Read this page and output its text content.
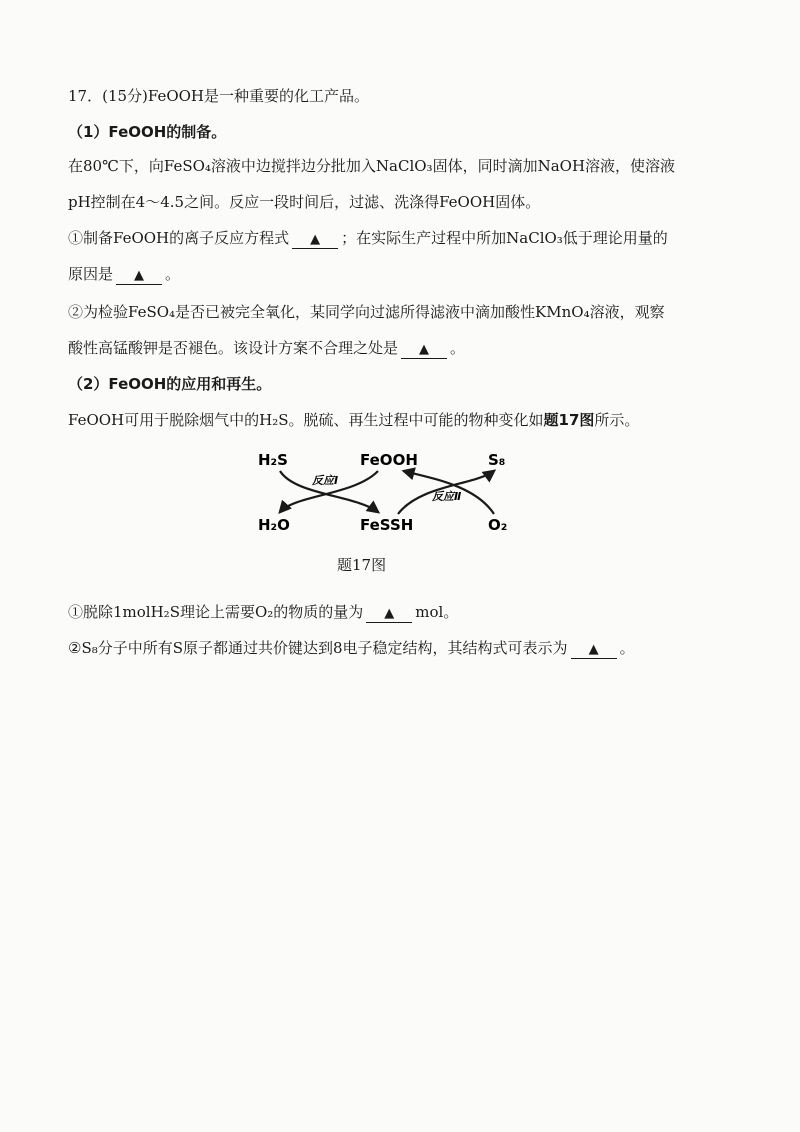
17．(15分)FeOOH是一种重要的化工产品。
（1）FeOOH的制备。
在80℃下，向FeSO₄溶液中边搅拌边分批加入NaClO₃固体，同时滴加NaOH溶液，使溶液
pH控制在4～4.5之间。反应一段时间后，过滤、洗涤得FeOOH固体。
①制备FeOOH的离子反应方程式 ▲ ；在实际生产过程中所加NaClO₃低于理论用量的
原因是 ▲ 。
②为检验FeSO₄是否已被完全氧化，某同学向过滤所得滤液中滴加酸性KMnO₄溶液，观察
酸性高锰酸钾是否褪色。该设计方案不合理之处是 ▲ 。
（2）FeOOH的应用和再生。
FeOOH可用于脱除烟气中的H₂S。脱硫、再生过程中可能的物种变化如题17图所示。
H₂S	FeOOH	S₈
H₂O	FeSSH	O₂
反应Ⅰ
反应Ⅱ
题17图
①脱除1molH₂S理论上需要O₂的物质的量为 ▲ mol。
②S₈分子中所有S原子都通过共价键达到8电子稳定结构，其结构式可表示为 ▲ 。
